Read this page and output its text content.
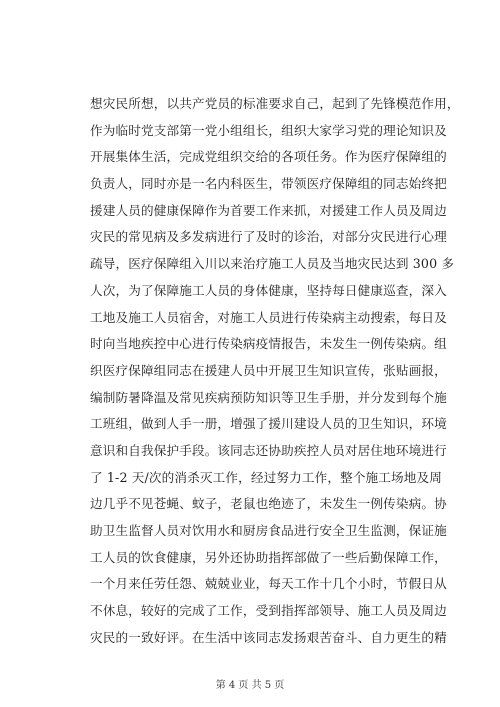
想灾民所想，以共产党员的标准要求自己，起到了先锋模范作用，
作为临时党支部第一党小组组长，组织大家学习党的理论知识及
开展集体生活，完成党组织交给的各项任务。作为医疗保障组的
负责人，同时亦是一名内科医生，带领医疗保障组的同志始终把
援建人员的健康保障作为首要工作来抓，对援建工作人员及周边
灾民的常见病及多发病进行了及时的诊治，对部分灾民进行心理
疏导，医疗保障组入川以来治疗施工人员及当地灾民达到 300 多
人次，为了保障施工人员的身体健康，坚持每日健康巡查，深入
工地及施工人员宿舍，对施工人员进行传染病主动搜索，每日及
时向当地疾控中心进行传染病疫情报告，未发生一例传染病。组
织医疗保障组同志在援建人员中开展卫生知识宣传，张贴画报，
编制防暑降温及常见疾病预防知识等卫生手册，并分发到每个施
工班组，做到人手一册，增强了援川建设人员的卫生知识，环境
意识和自我保护手段。该同志还协助疾控人员对居住地环境进行
了 1-2 天/次的消杀灭工作，经过努力工作，整个施工场地及周
边几乎不见苍蝇、蚊子，老鼠也绝迹了，未发生一例传染病。协
助卫生监督人员对饮用水和厨房食品进行安全卫生监测，保证施
工人员的饮食健康，另外还协助指挥部做了一些后勤保障工作，
一个月来任劳任怨、兢兢业业，每天工作十几个小时，节假日从
不休息，较好的完成了工作，受到指挥部领导、施工人员及周边
灾民的一致好评。在生活中该同志发扬艰苦奋斗、自力更生的精
第 4 页 共 5 页
